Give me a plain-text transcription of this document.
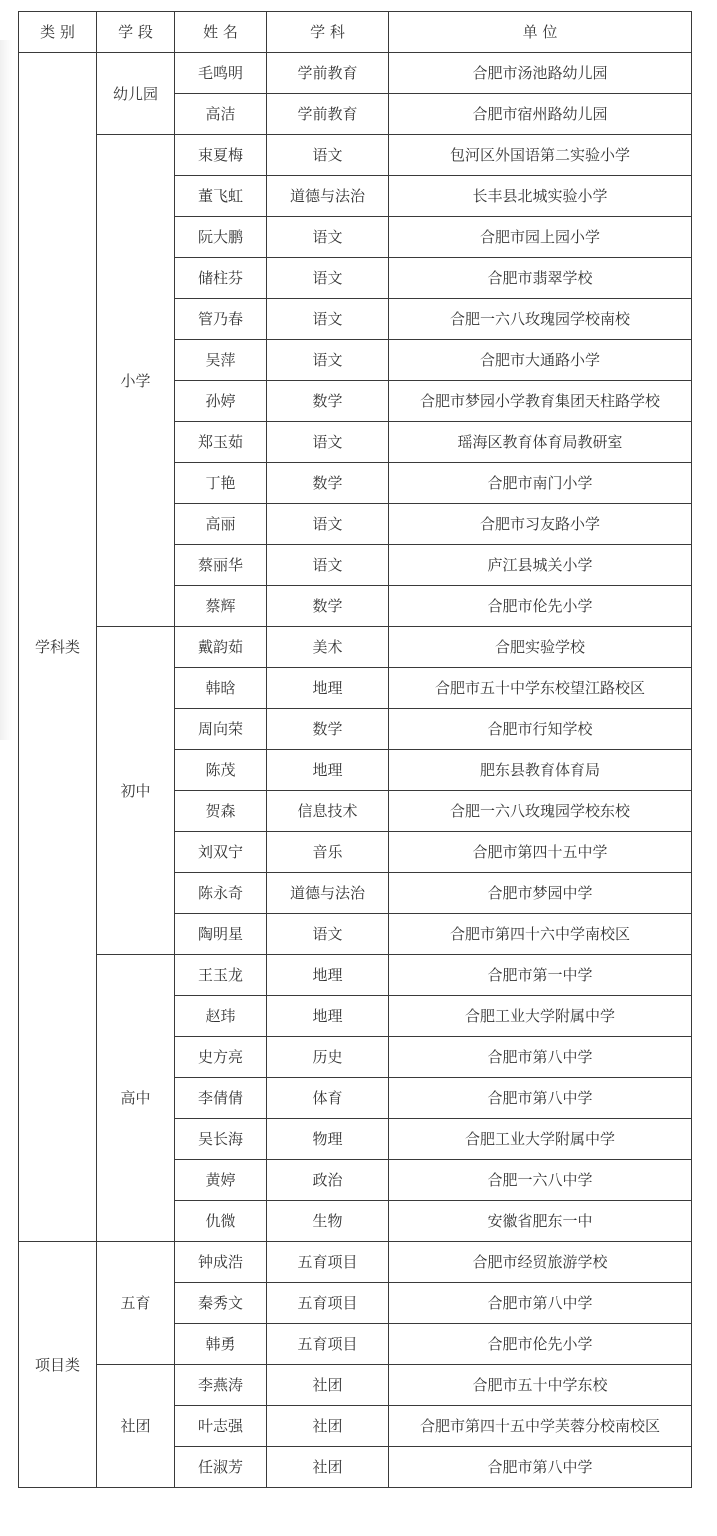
类 别	学 段	姓 名	学 科	单 位
学科类	幼儿园	毛鸣明	学前教育	合肥市汤池路幼儿园
		高洁	学前教育	合肥市宿州路幼儿园
	小学	束夏梅	语文	包河区外国语第二实验小学
		董飞虹	道德与法治	长丰县北城实验小学
		阮大鹏	语文	合肥市园上园小学
		储柱芬	语文	合肥市翡翠学校
		管乃春	语文	合肥一六八玫瑰园学校南校
		吴萍	语文	合肥市大通路小学
		孙婷	数学	合肥市梦园小学教育集团天柱路学校
		郑玉茹	语文	瑶海区教育体育局教研室
		丁艳	数学	合肥市南门小学
		高丽	语文	合肥市习友路小学
		蔡丽华	语文	庐江县城关小学
		蔡辉	数学	合肥市伦先小学
	初中	戴韵茹	美术	合肥实验学校
		韩晗	地理	合肥市五十中学东校望江路校区
		周向荣	数学	合肥市行知学校
		陈茂	地理	肥东县教育体育局
		贺森	信息技术	合肥一六八玫瑰园学校东校
		刘双宁	音乐	合肥市第四十五中学
		陈永奇	道德与法治	合肥市梦园中学
		陶明星	语文	合肥市第四十六中学南校区
	高中	王玉龙	地理	合肥市第一中学
		赵玮	地理	合肥工业大学附属中学
		史方亮	历史	合肥市第八中学
		李倩倩	体育	合肥市第八中学
		吴长海	物理	合肥工业大学附属中学
		黄婷	政治	合肥一六八中学
		仇微	生物	安徽省肥东一中
项目类	五育	钟成浩	五育项目	合肥市经贸旅游学校
		秦秀文	五育项目	合肥市第八中学
		韩勇	五育项目	合肥市伦先小学
	社团	李燕涛	社团	合肥市五十中学东校
		叶志强	社团	合肥市第四十五中学芙蓉分校南校区
		任淑芳	社团	合肥市第八中学
